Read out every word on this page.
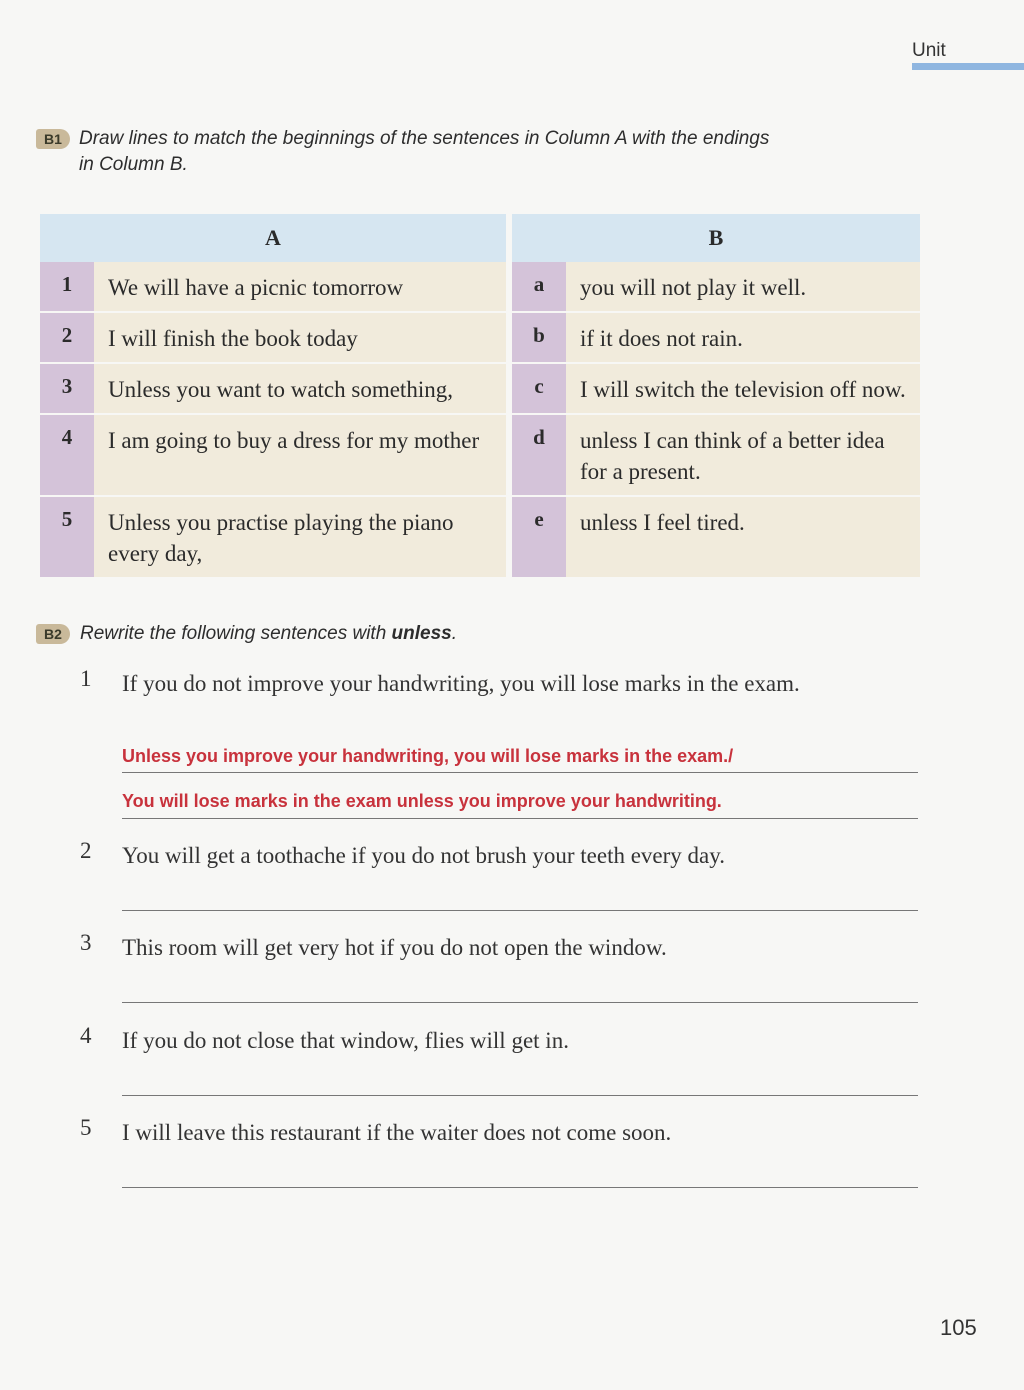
Unit
B1 Draw lines to match the beginnings of the sentences in Column A with the endings
in Column B.
A			B	
1	We will have a picnic tomorrow		a	you will not play it well.
2	I will finish the book today		b	if it does not rain.
3	Unless you want to watch something,		c	I will switch the television off now.
4	I am going to buy a dress for my mother		d	unless I can think of a better idea for a present.
5	Unless you practise playing the piano every day,		e	unless I feel tired.
B2 Rewrite the following sentences with unless.
1	If you do not improve your handwriting, you will lose marks in the exam.
Unless you improve your handwriting, you will lose marks in the exam./
You will lose marks in the exam unless you improve your handwriting.
2	You will get a toothache if you do not brush your teeth every day.
3	This room will get very hot if you do not open the window.
4	If you do not close that window, flies will get in.
5	I will leave this restaurant if the waiter does not come soon.
105
